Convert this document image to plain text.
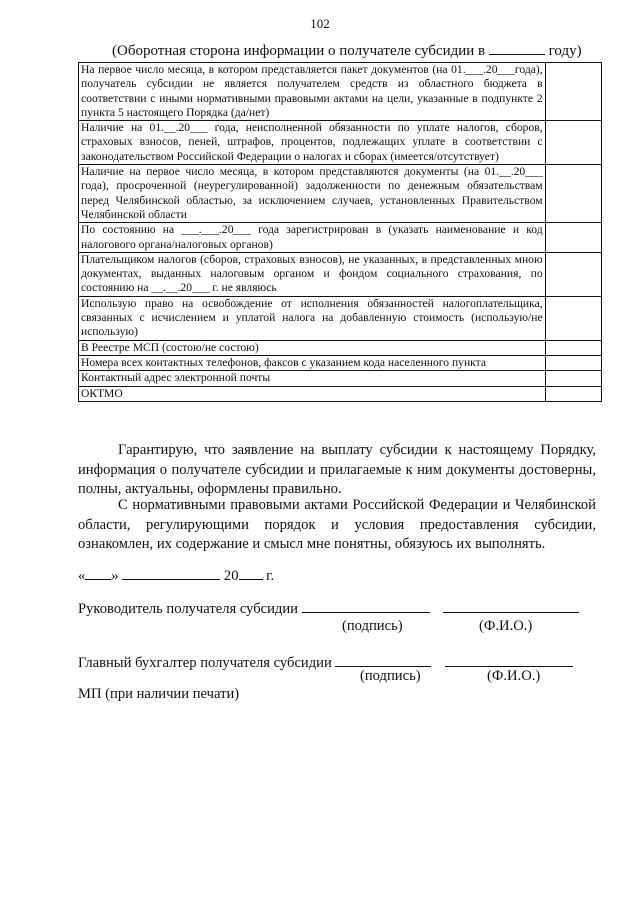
102
(Оборотная сторона информации о получателе субсидии в	году)
На первое число месяца, в котором представляется пакет документов (на 01.___.20___года), получатель субсидии не является получателем средств из областного бюджета в соответствии с иными нормативными правовыми актами на цели, указанные в подпункте 2 пункта 5 настоящего Порядка (да/нет)	
Наличие на 01.__.20___ года, неисполненной обязанности по уплате налогов, сборов, страховых взносов, пеней, штрафов, процентов, подлежащих уплате в соответствии с законодательством Российской Федерации о налогах и сборах (имеется/отсутствует)	
Наличие на первое число месяца, в котором представляются документы (на 01.__.20___ года), просроченной (неурегулированной) задолженности по денежным обязательствам перед Челябинской областью, за исключением случаев, установленных Правительством Челябинской области	
По состоянию на ___.___.20___ года зарегистрирован в (указать наименование и код налогового органа/налоговых органов)	
Плательщиком налогов (сборов, страховых взносов), не указанных, в представленных мною документах, выданных налоговым органом и фондом социального страхования, по состоянию на __.__.20___ г. не являюсь	
Использую право на освобождение от исполнения обязанностей налогоплательщика, связанных с исчислением и уплатой налога на добавленную стоимость (использую/не использую)	
В Реестре МСП (состою/не состою)	
Номера всех контактных телефонов, факсов с указанием кода населенного пункта	
Контактный адрес электронной почты	
ОКТМО	
Гарантирую, что заявление на выплату субсидии к настоящему Порядку, информация о получателе субсидии и прилагаемые к ним документы достоверны, полны, актуальны, оформлены правильно.
С нормативными правовыми актами Российской Федерации и Челябинской области, регулирующими порядок и условия предоставления субсидии, ознакомлен, их содержание и смысл мне понятны, обязуюсь их выполнять.
« »	20 г.
Руководитель получателя субсидии
(подпись)	(Ф.И.О.)
Главный бухгалтер получателя субсидии
(подпись)	(Ф.И.О.)
МП (при наличии печати)
